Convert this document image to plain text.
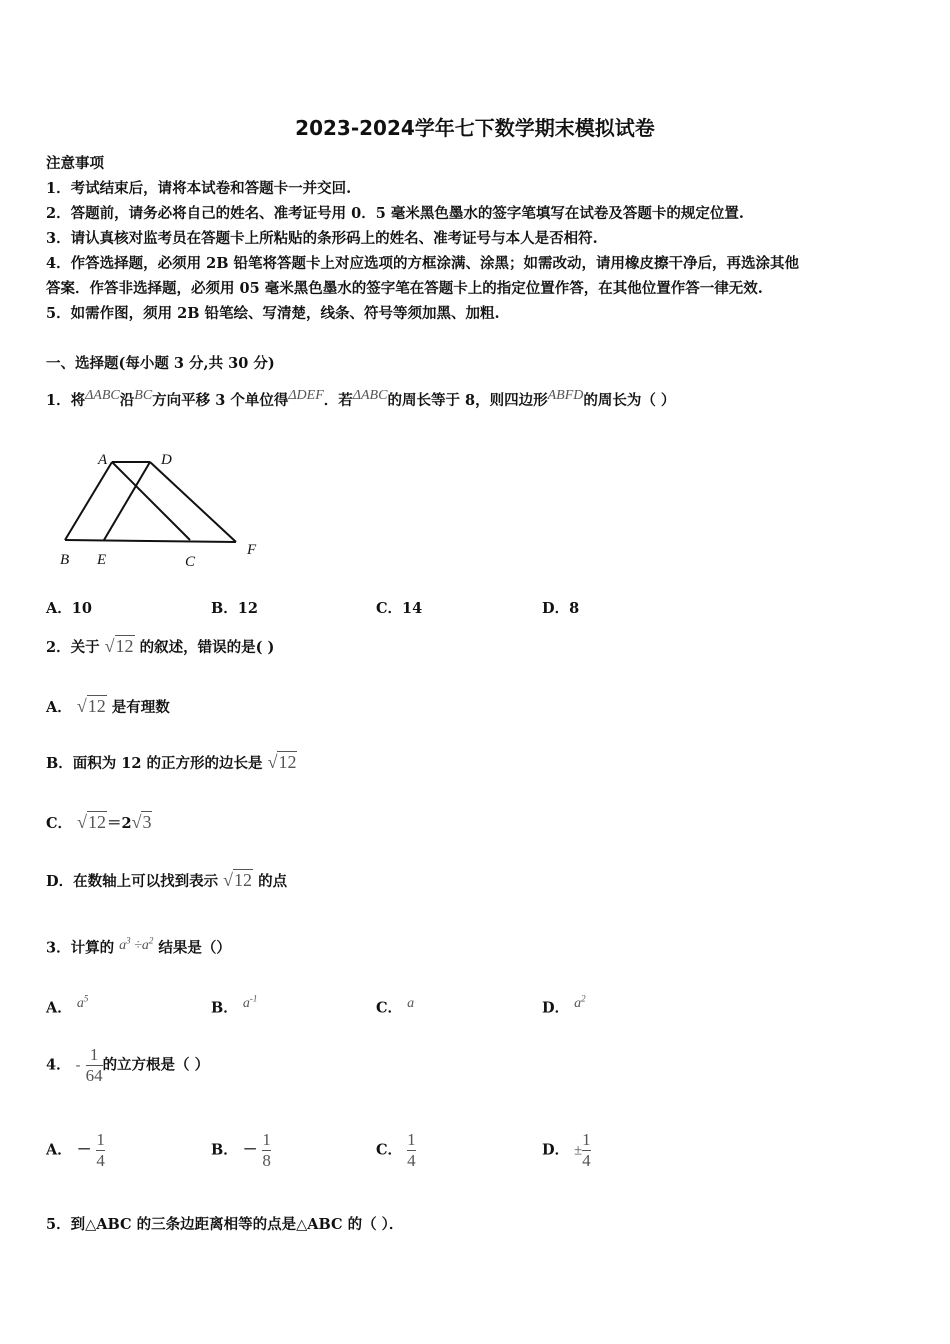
2023-2024学年七下数学期末模拟试卷
注意事项
1．考试结束后，请将本试卷和答题卡一并交回.
2．答题前，请务必将自己的姓名、准考证号用 0．5 毫米黑色墨水的签字笔填写在试卷及答题卡的规定位置.
3．请认真核对监考员在答题卡上所粘贴的条形码上的姓名、准考证号与本人是否相符.
4．作答选择题，必须用 2B 铅笔将答题卡上对应选项的方框涂满、涂黑；如需改动，请用橡皮擦干净后，再选涂其他
答案．作答非选择题，必须用 05 毫米黑色墨水的签字笔在答题卡上的指定位置作答，在其他位置作答一律无效.
5．如需作图，须用 2B 铅笔绘、写清楚，线条、符号等须加黑、加粗.
一、选择题(每小题 3 分,共 30 分)
1．将ΔABC沿BC方向平移 3 个单位得ΔDEF．若ΔABC的周长等于 8，则四边形ABFD的周长为（ ）
A	D
B E	C
F
A．10	B．12	C．14	D．8
2．关于 √12 的叙述，错误的是( )
A． √12 是有理数
B．面积为 12 的正方形的边长是 √12
C． √12＝2√3
D．在数轴上可以找到表示 √12 的点
3．计算的 $a^3 \div a^2$ 结果是（）
A． $a^5$
B． $a^{-1}$
C． a	D． $a^2$
4． - $\frac{1}{64}$ 的立方根是（ ）
A． － $\frac{1}{4}$	B． － $\frac{1}{8}$	C． $\frac{1}{4}$	D． ± $\frac{1}{4}$
5．到△ABC 的三条边距离相等的点是△ABC 的（ ）．
